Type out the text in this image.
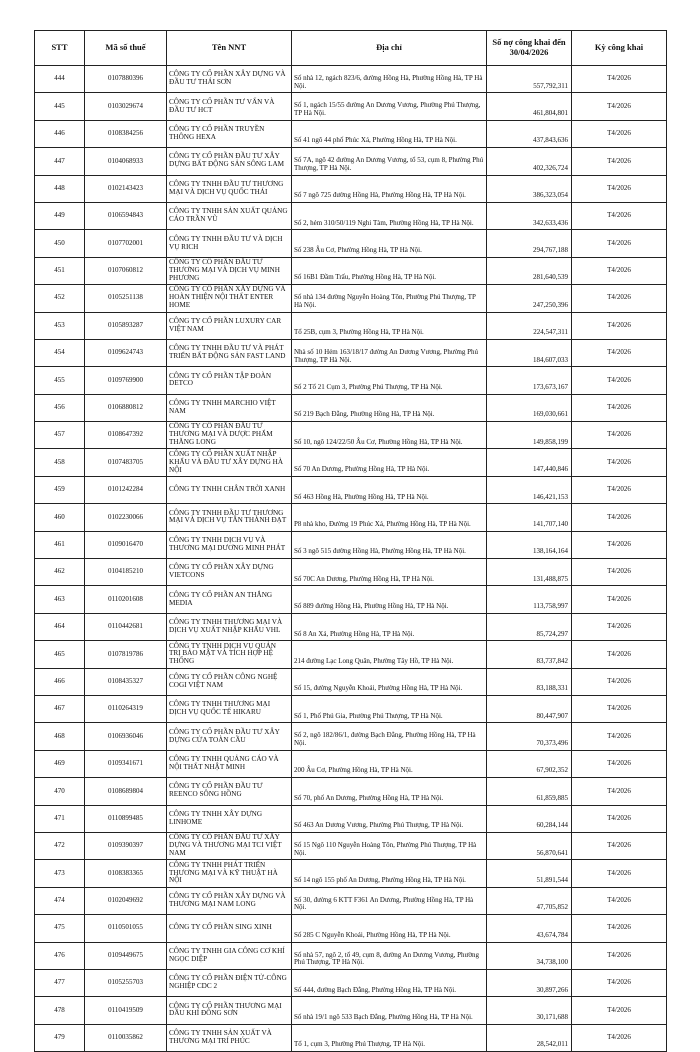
STT	Mã số thuế	Tên NNT	Địa chỉ	Số nợ công khai đến 30/04/2026	Kỳ công khai
444	0107880396	CÔNG TY CỔ PHẦN XÂY DỰNG VÀ ĐẦU TƯ THÁI SƠN	Số nhà 12, ngách 823/6, đường Hồng Hà, Phường Hồng Hà, TP Hà Nội.	557,792,311	T4/2026
445	0103029674	CÔNG TY CỔ PHẦN TƯ VẤN VÀ ĐẦU TƯ HCT	Số 1, ngách 15/55 đường An Dương Vương, Phường Phú Thượng, TP Hà Nội.	461,804,801	T4/2026
446	0108384256	CÔNG TY CỔ PHẦN TRUYỀN THÔNG HEXA	Số 41 ngõ 44 phố Phúc Xá, Phường Hồng Hà, TP Hà Nội.	437,843,636	T4/2026
447	0104068933	CÔNG TY CỔ PHẦN ĐẦU TƯ XÂY DỰNG BẤT ĐỘNG SẢN SÔNG LAM	Số 7A, ngõ 42 đường An Dương Vương, tổ 53, cụm 8, Phường Phú Thượng, TP Hà Nội.	402,326,724	T4/2026
448	0102143423	CÔNG TY TNHH ĐẦU TƯ THƯƠNG MẠI VÀ DỊCH VỤ QUỐC THÁI	Số 7 ngõ 725 đường Hồng Hà, Phường Hồng Hà, TP Hà Nội.	386,323,054	T4/2026
449	0106594843	CÔNG TY TNHH SẢN XUẤT QUẢNG CÁO TRẦN VŨ	Số 2, hẻm 310/50/119 Nghi Tàm, Phường Hồng Hà, TP Hà Nội.	342,633,436	T4/2026
450	0107702001	CÔNG TY TNHH ĐẦU TƯ VÀ DỊCH VỤ RICH	Số 238 Âu Cơ, Phường Hồng Hà, TP Hà Nội.	294,767,188	T4/2026
451	0107060812	CÔNG TY CỔ PHẦN ĐẦU TƯ THƯƠNG MẠI VÀ DỊCH VỤ MINH PHƯƠNG	Số 16B1 Đầm Trấu, Phường Hồng Hà, TP Hà Nội.	281,640,539	T4/2026
452	0105251138	CÔNG TY CỔ PHẦN XÂY DỰNG VÀ HOÀN THIỆN NỘI THẤT ENTER HOME	Số nhà 134 đường Nguyễn Hoàng Tôn, Phường Phú Thượng, TP Hà Nội.	247,250,396	T4/2026
453	0105893287	CÔNG TY CỔ PHẦN LUXURY CAR VIỆT NAM	Tổ 25B, cụm 3, Phường Hồng Hà, TP Hà Nội.	224,547,311	T4/2026
454	0109624743	CÔNG TY TNHH ĐẦU TƯ VÀ PHÁT TRIỂN BẤT ĐỘNG SẢN FAST LAND	Nhà số 10 Hẻm 163/18/17 đường An Dương Vương, Phường Phú Thượng, TP Hà Nội.	184,607,033	T4/2026
455	0109769900	CÔNG TY CỔ PHẦN TẬP ĐOÀN DETCO	Số 2 Tổ 21 Cụm 3, Phường Phú Thượng, TP Hà Nội.	173,673,167	T4/2026
456	0106880812	CÔNG TY TNHH MARCHIO VIỆT NAM	Số 219 Bạch Đằng, Phường Hồng Hà, TP Hà Nội.	169,030,661	T4/2026
457	0108647392	CÔNG TY CỔ PHẦN ĐẦU TƯ THƯƠNG MẠI VÀ DƯỢC PHẨM THĂNG LONG	Số 10, ngõ 124/22/50 Âu Cơ, Phường Hồng Hà, TP Hà Nội.	149,858,199	T4/2026
458	0107483705	CÔNG TY CỔ PHẦN XUẤT NHẬP KHẨU VÀ ĐẦU TƯ XÂY DỰNG HÀ NỘI	Số 70 An Dương, Phường Hồng Hà, TP Hà Nội.	147,440,846	T4/2026
459	0101242284	CÔNG TY TNHH CHÂN TRỜI XANH	Số 463 Hồng Hà, Phường Hồng Hà, TP Hà Nội.	146,421,153	T4/2026
460	0102230066	CÔNG TY TNHH ĐẦU TƯ THƯƠNG MẠI VÀ DỊCH VỤ TÂN THÀNH ĐẠT	P8 nhà kho, Đường 19 Phúc Xá, Phường Hồng Hà, TP Hà Nội.	141,707,140	T4/2026
461	0109016470	CÔNG TY TNHH DỊCH VỤ VÀ THƯƠNG MẠI DƯƠNG MINH PHÁT	Số 3 ngõ 515 đường Hồng Hà, Phường Hồng Hà, TP Hà Nội.	138,164,164	T4/2026
462	0104185210	CÔNG TY CỔ PHẦN XÂY DỰNG VIETCONS	Số 70C An Dương, Phường Hồng Hà, TP Hà Nội.	131,488,875	T4/2026
463	0110201608	CÔNG TY CỔ PHẦN AN THẮNG MEDIA	Số 889 đường Hồng Hà, Phường Hồng Hà, TP Hà Nội.	113,758,997	T4/2026
464	0110442681	CÔNG TY TNHH THƯƠNG MẠI VÀ DỊCH VỤ XUẤT NHẬP KHẨU VHL	Số 8 An Xá, Phường Hồng Hà, TP Hà Nội.	85,724,297	T4/2026
465	0107819786	CÔNG TY TNHH DỊCH VỤ QUẢN TRỊ BẢO MẬT VÀ TÍCH HỢP HỆ THỐNG	214 đường Lạc Long Quân, Phường Tây Hồ, TP Hà Nội.	83,737,842	T4/2026
466	0108435327	CÔNG TY CỔ PHẦN CÔNG NGHỆ COGI VIỆT NAM	Số 15, đường Nguyễn Khoái, Phường Hồng Hà, TP Hà Nội.	83,188,331	T4/2026
467	0110264319	CÔNG TY TNHH THƯƠNG MẠI DỊCH VỤ QUỐC TẾ HIKARU	Số 1, Phố Phú Gia, Phường Phú Thượng, TP Hà Nội.	80,447,907	T4/2026
468	0106936046	CÔNG TY CỔ PHẦN ĐẦU TƯ XÂY DỰNG CỬA TOÀN CẦU	Số 2, ngõ 182/86/1, đường Bạch Đằng, Phường Hồng Hà, TP Hà Nội.	70,373,496	T4/2026
469	0109341671	CÔNG TY TNHH QUẢNG CÁO VÀ NỘI THẤT NHẬT MINH	200 Âu Cơ, Phường Hồng Hà, TP Hà Nội.	67,902,352	T4/2026
470	0108689804	CÔNG TY CỔ PHẦN ĐẦU TƯ REENCO SÔNG HỒNG	Số 70, phố An Dương, Phường Hồng Hà, TP Hà Nội.	61,859,885	T4/2026
471	0110899485	CÔNG TY TNHH XÂY DỰNG LINHOME	Số 463 An Dương Vương, Phường Phú Thượng, TP Hà Nội.	60,284,144	T4/2026
472	0109390397	CÔNG TY CỔ PHẦN ĐẦU TƯ XÂY DỰNG VÀ THƯƠNG MẠI TCI VIỆT NAM	Số 15 Ngõ 110 Nguyễn Hoàng Tôn, Phường Phú Thượng, TP Hà Nội.	56,870,641	T4/2026
473	0108383365	CÔNG TY TNHH PHÁT TRIỂN THƯƠNG MẠI VÀ KỸ THUẬT HÀ NỘI	Số 14 ngõ 155 phố An Dương, Phường Hồng Hà, TP Hà Nội.	51,891,544	T4/2026
474	0102049692	CÔNG TY CỔ PHẦN XÂY DỰNG VÀ THƯƠNG MẠI NAM LONG	Số 30, đường 6 KTT F361 An Dương, Phường Hồng Hà, TP Hà Nội.	47,705,852	T4/2026
475	0110501055	CÔNG TY CỔ PHẦN SING XINH	Số 285 C Nguyễn Khoái, Phường Hồng Hà, TP Hà Nội.	43,674,784	T4/2026
476	0109449675	CÔNG TY TNHH GIA CÔNG CƠ KHÍ NGỌC DIỆP	Số nhà 57, ngõ 2, tổ 49, cụm 8, đường An Dương Vương, Phường Phú Thượng, TP Hà Nội.	34,738,100	T4/2026
477	0105255703	CÔNG TY CỔ PHẦN ĐIỆN TỬ-CÔNG NGHIỆP CDC 2	Số 444, đường Bạch Đằng, Phường Hồng Hà, TP Hà Nội.	30,897,266	T4/2026
478	0110419509	CÔNG TY CỔ PHẦN THƯƠNG MẠI DẦU KHÍ ĐÔNG SƠN	Số nhà 19/1 ngõ 533 Bạch Đằng, Phường Hồng Hà, TP Hà Nội.	30,171,688	T4/2026
479	0110035862	CÔNG TY TNHH SẢN XUẤT VÀ THƯƠNG MẠI TRÍ PHÚC	Tổ 1, cụm 3, Phường Phú Thượng, TP Hà Nội.	28,542,011	T4/2026
